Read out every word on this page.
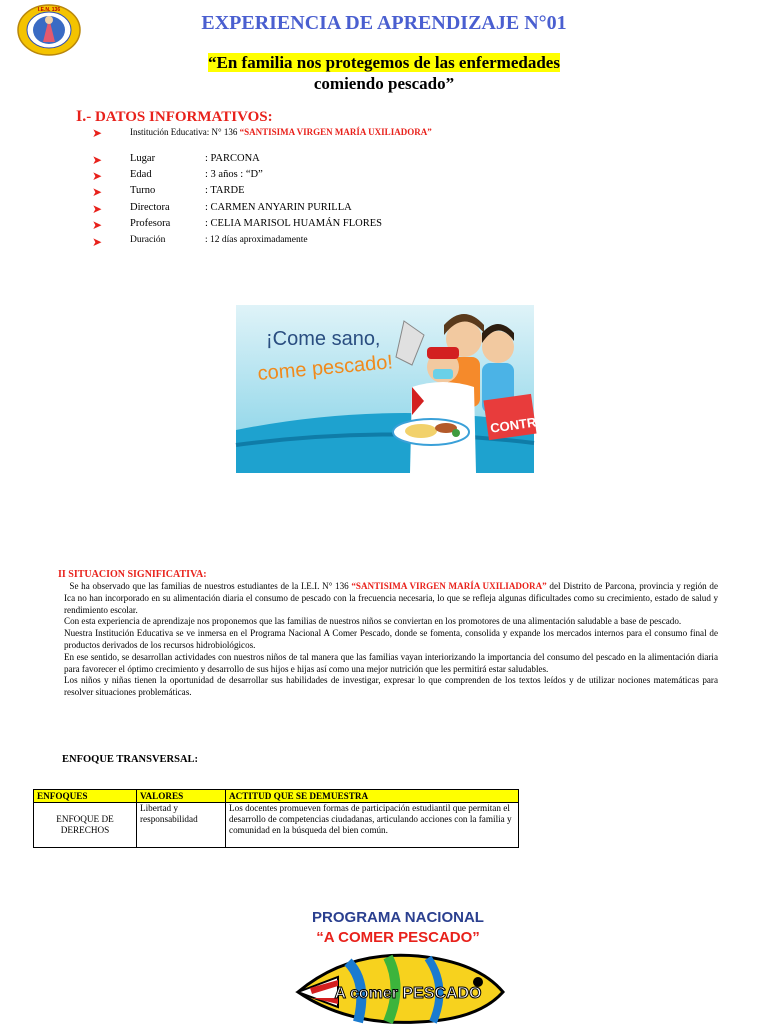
I.E.N. 136
EXPERIENCIA DE APRENDIZAJE N°01
“En familia nos protegemos de las enfermedades
comiendo pescado”
I.- DATOS INFORMATIVOS:
➤	Institución Educativa: N° 136 “SANTISIMA VIRGEN MARÍA UXILIADORA”
➤	Lugar	: PARCONA
➤	Edad	: 3 años : “D”
➤	Turno	: TARDE
➤	Directora	: CARMEN ANYARIN PURILLA
➤	Profesora	: CELIA MARISOL HUAMÁN FLORES
➤	Duración	: 12 días aproximadamente
CONTRA
¡Come sano,
come pescado!
II SITUACION SIGNIFICATIVA:

Se ha observado que las familias de nuestros estudiantes de la I.E.I. N° 136 “SANTISIMA VIRGEN MARÍA UXILIADORA” del Distrito de Parcona, provincia y región de Ica no han incorporado en su alimentación diaria el consumo de pescado con la frecuencia necesaria, lo que se refleja algunas dificultades como su crecimiento, estado de salud y rendimiento escolar.

Con esta experiencia de aprendizaje nos proponemos que las familias de nuestros niños se conviertan en los promotores de una alimentación saludable a base de pescado.

Nuestra Institución Educativa se ve inmersa en el Programa Nacional A Comer Pescado, donde se fomenta, consolida y expande los mercados internos para el consumo final de productos derivados de los recursos hidrobiológicos.

En ese sentido, se desarrollan actividades con nuestros niños de tal manera que las familias vayan interiorizando la importancia del consumo del pescado en la alimentación diaria para favorecer el óptimo crecimiento y desarrollo de sus hijos e hijas así como una mejor nutrición que les permitirá estar saludables.

Los niños y niñas tienen la oportunidad de desarrollar sus habilidades de investigar, expresar lo que comprenden de los textos leídos y de utilizar nociones matemáticas para resolver situaciones problemáticas.

ENFOQUE TRANSVERSAL:
ENFOQUES	VALORES	ACTITUD QUE SE DEMUESTRA
ENFOQUE DE DERECHOS	Libertad y responsabilidad	Los docentes promueven formas de participación estudiantil que permitan el desarrollo de competencias ciudadanas, articulando acciones con la familia y comunidad en la búsqueda del bien común.
PROGRAMA NACIONAL
“A COMER PESCADO”
A comer PESCADO
